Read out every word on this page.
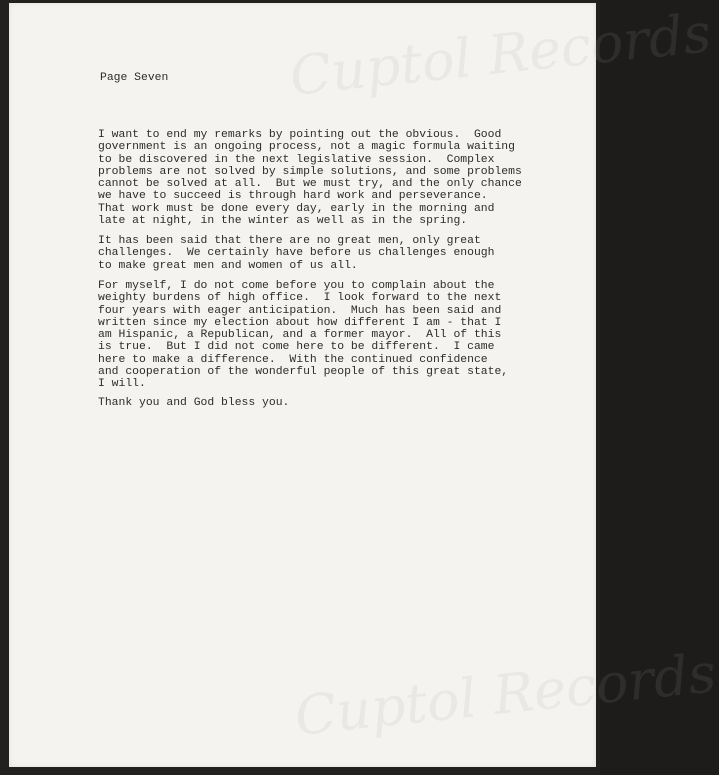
Cuptol Records
Cuptol Records

Page Seven

I want to end my remarks by pointing out the obvious.  Good
government is an ongoing process, not a magic formula waiting
to be discovered in the next legislative session.  Complex
problems are not solved by simple solutions, and some problems
cannot be solved at all.  But we must try, and the only chance
we have to succeed is through hard work and perseverance.
That work must be done every day, early in the morning and
late at night, in the winter as well as in the spring.

It has been said that there are no great men, only great
challenges.  We certainly have before us challenges enough
to make great men and women of us all.

For myself, I do not come before you to complain about the
weighty burdens of high office.  I look forward to the next
four years with eager anticipation.  Much has been said and
written since my election about how different I am - that I
am Hispanic, a Republican, and a former mayor.  All of this
is true.  But I did not come here to be different.  I came
here to make a difference.  With the continued confidence
and cooperation of the wonderful people of this great state,
I will.

Thank you and God bless you.
